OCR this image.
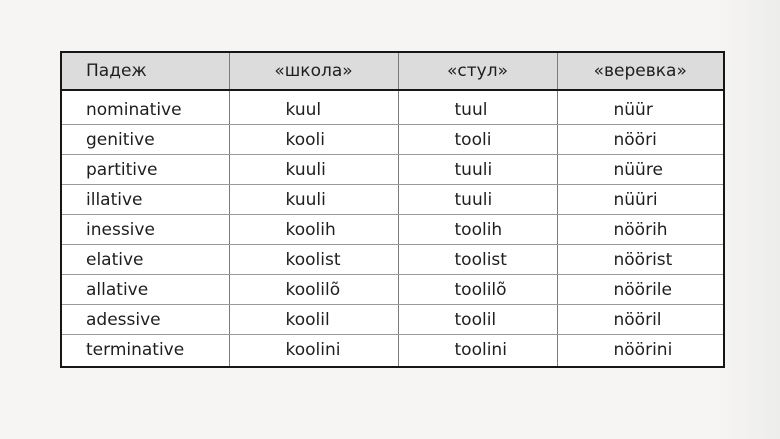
Падеж	«школа»	«стул»	«веревка»
nominative	kuul	tuul	nüür
genitive	kooli	tooli	nööri
partitive	kuuli	tuuli	nüüre
illative	kuuli	tuuli	nüüri
inessive	koolih	toolih	nöörih
elative	koolist	toolist	nöörist
allative	koolilõ	toolilõ	nöörile
adessive	koolil	toolil	nööril
terminative	koolini	toolini	nöörini
